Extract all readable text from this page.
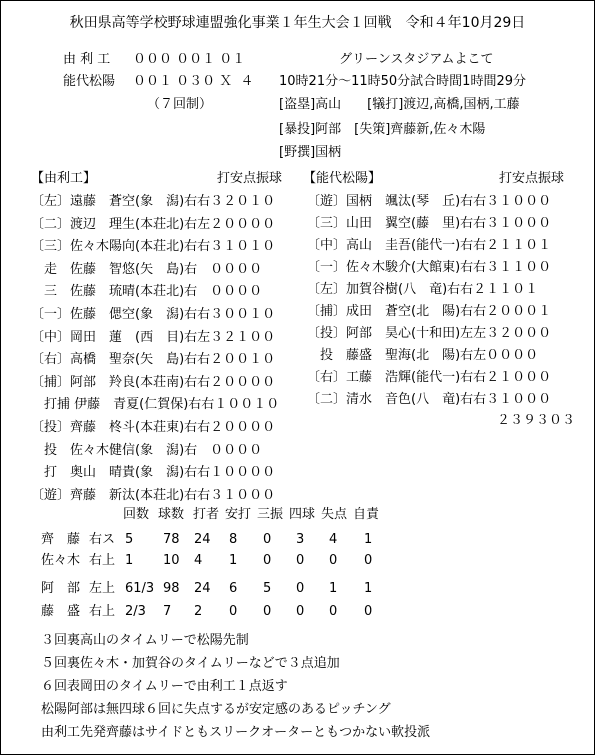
秋田県高等学校野球連盟強化事業１年生大会１回戦　令和４年10月29日

由 利 工

０００ ００１ ０１

能代松陽

００１ ０３０ Ｘ  ４

（７回制）

グリーンスタジアムよこて

10時21分～11時50分試合時間1時間29分

[盗塁]高山　　[犠打]渡辺,高橋,国柄,工藤

[暴投]阿部　[失策]齊藤新,佐々木陽

[野撰]国柄

【由利工】

	打安点振球

〔左〕遠藤　蒼空(象　潟)右右３２０１０
〔二〕渡辺　理生(本荘北)右左２００００
〔三〕佐々木陽向(本荘北)右右３１０１０
　走　佐藤　智悠(矢　島)右　００００
　三　佐藤　琉晴(本荘北)右　００００
〔一〕佐藤　偲空(象　潟)右右３００１０
〔中〕岡田　蓮　(西　目)右左３２１００
〔右〕高橋　聖奈(矢　島)右右２００１０
〔捕〕阿部　羚良(本荘南)右右２００００
　打捕 伊藤　青夏(仁賀保)右右１００１０
〔投〕齊藤　柊斗(本荘東)右右２００００
　投　佐々木健信(象　潟)右　００００
　打　奥山　晴貴(象　潟)右右１００００
〔遊〕齊藤　新汰(本荘北)右右３１０００

【能代松陽】

	打安点振球

〔遊〕国柄　颯汰(琴　丘)右右３１０００
〔三〕山田　翼空(藤　里)右右３１０００
〔中〕高山　圭吾(能代一)右右２１１０１
〔一〕佐々木駿介(大館東)右右３１１００
〔左〕加賀谷樹(八　竜)右右２１１０１
〔捕〕成田　蒼空(北　陽)右右２０００１
〔投〕阿部　昊心(十和田)左左３２０００
　投　藤盛　聖海(北　陽)右左００００
〔右〕工藤　浩輝(能代一)右右２１０００
〔二〕清水　音色(八　竜)右右３１０００

２３９３０３

回数 球数 打者 安打 三振 四球 失点 自責

齊　藤 右ス 5 78 24 8 0 3 4 1
佐々木 右上 1 10 4 1 0 0 0 0
阿　部 左上 61/3 98 24 6 5 0 1 1
藤　盛 右上 2/3 7 2 0 0 0 0 0

３回裏高山のタイムリーで松陽先制

５回裏佐々木・加賀谷のタイムリーなどで３点追加

６回表岡田のタイムリーで由利工１点返す

松陽阿部は無四球６回に失点するが安定感のあるピッチング

由利工先発齊藤はサイドともスリークオーターともつかない軟投派
